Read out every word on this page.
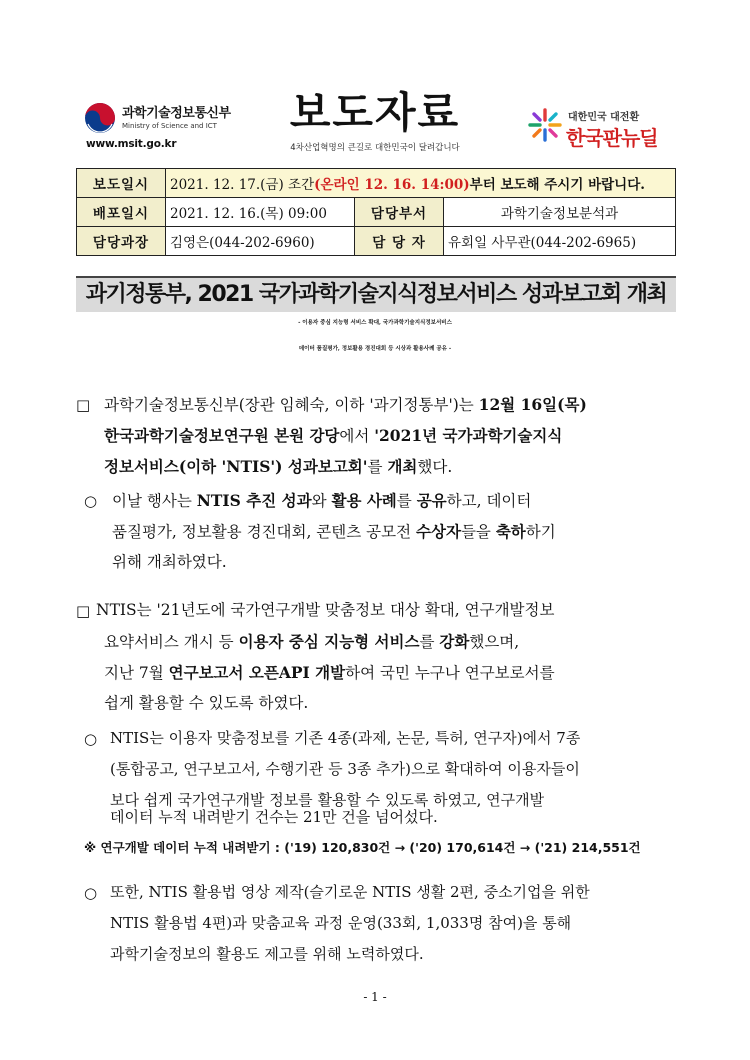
과학기술정보통신부
Ministry of Science and ICT
www.msit.go.kr
보도자료
4차산업혁명의 큰길로 대한민국이 달려갑니다
대한민국 대전환
한국판뉴딜
보도일시	2021. 12. 17.(금) 조간(온라인 12. 16. 14:00)부터 보도해 주시기 바랍니다.		
배포일시	2021. 12. 16.(목) 09:00	담당부서	과학기술정보분석과
담당과장	김영은(044-202-6960)	담 당 자	유회일 사무관(044-202-6965)
과기정통부, 2021 국가과학기술지식정보서비스 성과보고회 개최
- 이용자 중심 지능형 서비스 확대, 국가과학기술지식정보서비스
데이터 품질평가, 정보활용 경진대회 등 시상과 활용사례 공유 -
□ 과학기술정보통신부(장관 임혜숙, 이하 '과기정통부')는 12월 16일(목)
한국과학기술정보연구원 본원 강당에서 '2021년 국가과학기술지식
정보서비스(이하 'NTIS') 성과보고회'를 개최했다.
○ 이날 행사는 NTIS 추진 성과와 활용 사례를 공유하고, 데이터
품질평가, 정보활용 경진대회, 콘텐츠 공모전 수상자들을 축하하기
위해 개최하였다.
□ NTIS는 '21년도에 국가연구개발 맞춤정보 대상 확대, 연구개발정보
요약서비스 개시 등 이용자 중심 지능형 서비스를 강화했으며,
지난 7월 연구보고서 오픈API 개발하여 국민 누구나 연구보로서를
쉽게 활용할 수 있도록 하였다.
○ NTIS는 이용자 맞춤정보를 기존 4종(과제, 논문, 특허, 연구자)에서 7종
(통합공고, 연구보고서, 수행기관 등 3종 추가)으로 확대하여 이용자들이
보다 쉽게 국가연구개발 정보를 활용할 수 있도록 하였고, 연구개발
데이터 누적 내려받기 건수는 21만 건을 넘어섰다.
※ 연구개발 데이터 누적 내려받기 : ('19) 120,830건 → ('20) 170,614건 → ('21) 214,551건
○ 또한, NTIS 활용법 영상 제작(슬기로운 NTIS 생활 2편, 중소기업을 위한
NTIS 활용법 4편)과 맞춤교육 과정 운영(33회, 1,033명 참여)을 통해
과학기술정보의 활용도 제고를 위해 노력하였다.
- 1 -
